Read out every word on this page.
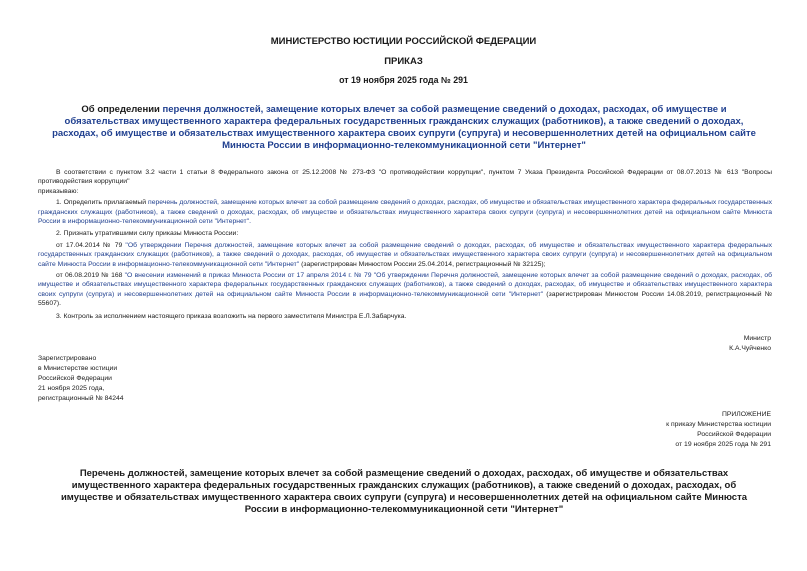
МИНИСТЕРСТВО ЮСТИЦИИ РОССИЙСКОЙ ФЕДЕРАЦИИ
ПРИКАЗ
от 19 ноября 2025 года № 291
Об определении перечня должностей, замещение которых влечет за собой размещение сведений о доходах, расходах, об имуществе и обязательствах имущественного характера федеральных государственных гражданских служащих (работников), а также сведений о доходах, расходах, об имуществе и обязательствах имущественного характера своих супруги (супруга) и несовершеннолетних детей на официальном сайте Минюста России в информационно-телекоммуникационной сети "Интернет"

В соответствии с пунктом 3.2 части 1 статьи 8 Федерального закона от 25.12.2008 № 273-ФЗ "О противодействии коррупции", пунктом 7 Указа Президента Российской Федерации от 08.07.2013 № 613 "Вопросы противодействия коррупции"

приказываю:

1. Определить прилагаемый перечень должностей, замещение которых влечет за собой размещение сведений о доходах, расходах, об имуществе и обязательствах имущественного характера федеральных государственных гражданских служащих (работников), а также сведений о доходах, расходах, об имуществе и обязательствах имущественного характера своих супруги (супруга) и несовершеннолетних детей на официальном сайте Минюста России в информационно-телекоммуникационной сети "Интернет".

2. Признать утратившими силу приказы Минюста России:

от 17.04.2014 № 79 "Об утверждении Перечня должностей, замещение которых влечет за собой размещение сведений о доходах, расходах, об имуществе и обязательствах имущественного характера федеральных государственных гражданских служащих (работников), а также сведений о доходах, расходах, об имуществе и обязательствах имущественного характера своих супруги (супруга) и несовершеннолетних детей на официальном сайте Минюста России в информационно-телекоммуникационной сети "Интернет" (зарегистрирован Минюстом России 25.04.2014, регистрационный № 32125);

от 06.08.2019 № 168 "О внесении изменений в приказ Минюста России от 17 апреля 2014 г. № 79 "Об утверждении Перечня должностей, замещение которых влечет за собой размещение сведений о доходах, расходах, об имуществе и обязательствах имущественного характера федеральных государственных гражданских служащих (работников), а также сведений о доходах, расходах, об имуществе и обязательствах имущественного характера своих супруги (супруга) и несовершеннолетних детей на официальном сайте Минюста России в информационно-телекоммуникационной сети "Интернет" (зарегистрирован Минюстом России 14.08.2019, регистрационный № 55607).

3. Контроль за исполнением настоящего приказа возложить на первого заместителя Министра Е.Л.Забарчука.

Министр
К.А.Чуйченко
Зарегистрировано
в Министерстве юстиции
Российской Федерации
21 ноября 2025 года,
регистрационный № 84244
ПРИЛОЖЕНИЕ
к приказу Министерства юстиции
Российской Федерации
от 19 ноября 2025 года № 291
Перечень должностей, замещение которых влечет за собой размещение сведений о доходах, расходах, об имуществе и обязательствах имущественного характера федеральных государственных гражданских служащих (работников), а также сведений о доходах, расходах, об имуществе и обязательствах имущественного характера своих супруги (супруга) и несовершеннолетних детей на официальном сайте Минюста России в информационно-телекоммуникационной сети "Интернет"
